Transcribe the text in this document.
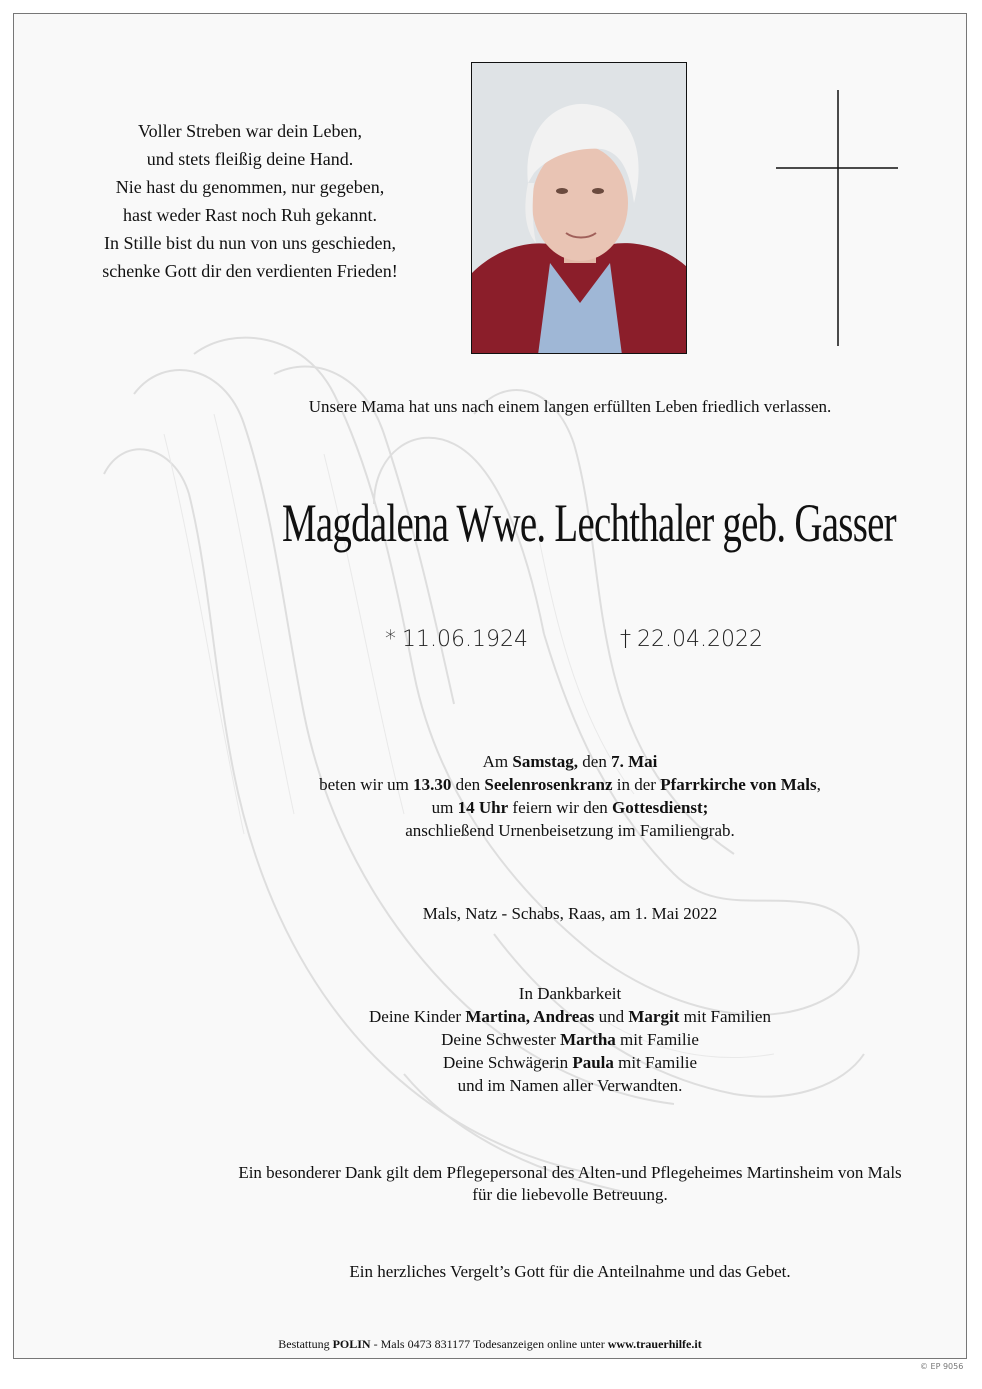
Voller Streben war dein Leben,
und stets fleißig deine Hand.
Nie hast du genommen, nur gegeben,
hast weder Rast noch Ruh gekannt.
In Stille bist du nun von uns geschieden,
schenke Gott dir den verdienten Frieden!
Unsere Mama hat uns nach einem langen erfüllten Leben friedlich verlassen.
Magdalena Wwe. Lechthaler geb. Gasser
* 11.06.1924	† 22.04.2022
Am Samstag, den 7. Mai
beten wir um 13.30 den Seelenrosenkranz in der Pfarrkirche von Mals,
um 14 Uhr feiern wir den Gottesdienst;
anschließend Urnenbeisetzung im Familiengrab.
Mals, Natz - Schabs, Raas, am 1. Mai 2022
In Dankbarkeit
Deine Kinder Martina, Andreas und Margit mit Familien
Deine Schwester Martha mit Familie
Deine Schwägerin Paula mit Familie
und im Namen aller Verwandten.
Ein besonderer Dank gilt dem Pflegepersonal des Alten-und Pflegeheimes Martinsheim von Mals
für die liebevolle Betreuung.
Ein herzliches Vergelt’s Gott für die Anteilnahme und das Gebet.
Bestattung POLIN - Mals 0473 831177 Todesanzeigen online unter www.trauerhilfe.it
© EP 9056
